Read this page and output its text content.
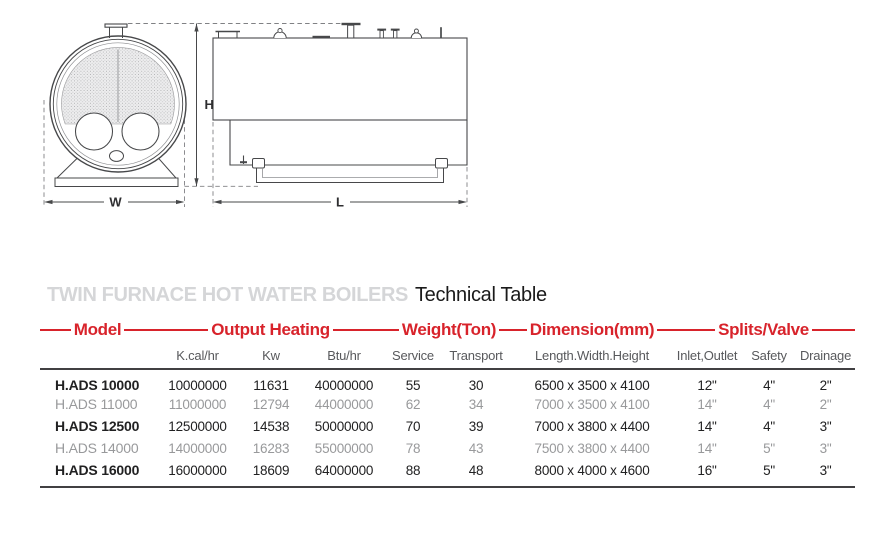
W	L
H
TWIN FURNACE HOT WATER BOILERS Technical Table
Model	Output Heating			Weight(Ton)		Dimension(mm)	Splits/Valve		

	K.cal/hr	Kw	Btu/hr	Service	Transport	Length.Width.Height	Inlet,Outlet	Safety	Drainage
H.ADS 10000	10000000	11631	40000000	55	30	6500 x 3500 x 4100	12"	4"	2"
H.ADS 11000	11000000	12794	44000000	62	34	7000 x 3500 x 4100	14"	4"	2"
H.ADS 12500	12500000	14538	50000000	70	39	7000 x 3800 x 4400	14"	4"	3"
H.ADS 14000	14000000	16283	55000000	78	43	7500 x 3800 x 4400	14"	5"	3"
H.ADS 16000	16000000	18609	64000000	88	48	8000 x 4000 x 4600	16"	5"	3"
